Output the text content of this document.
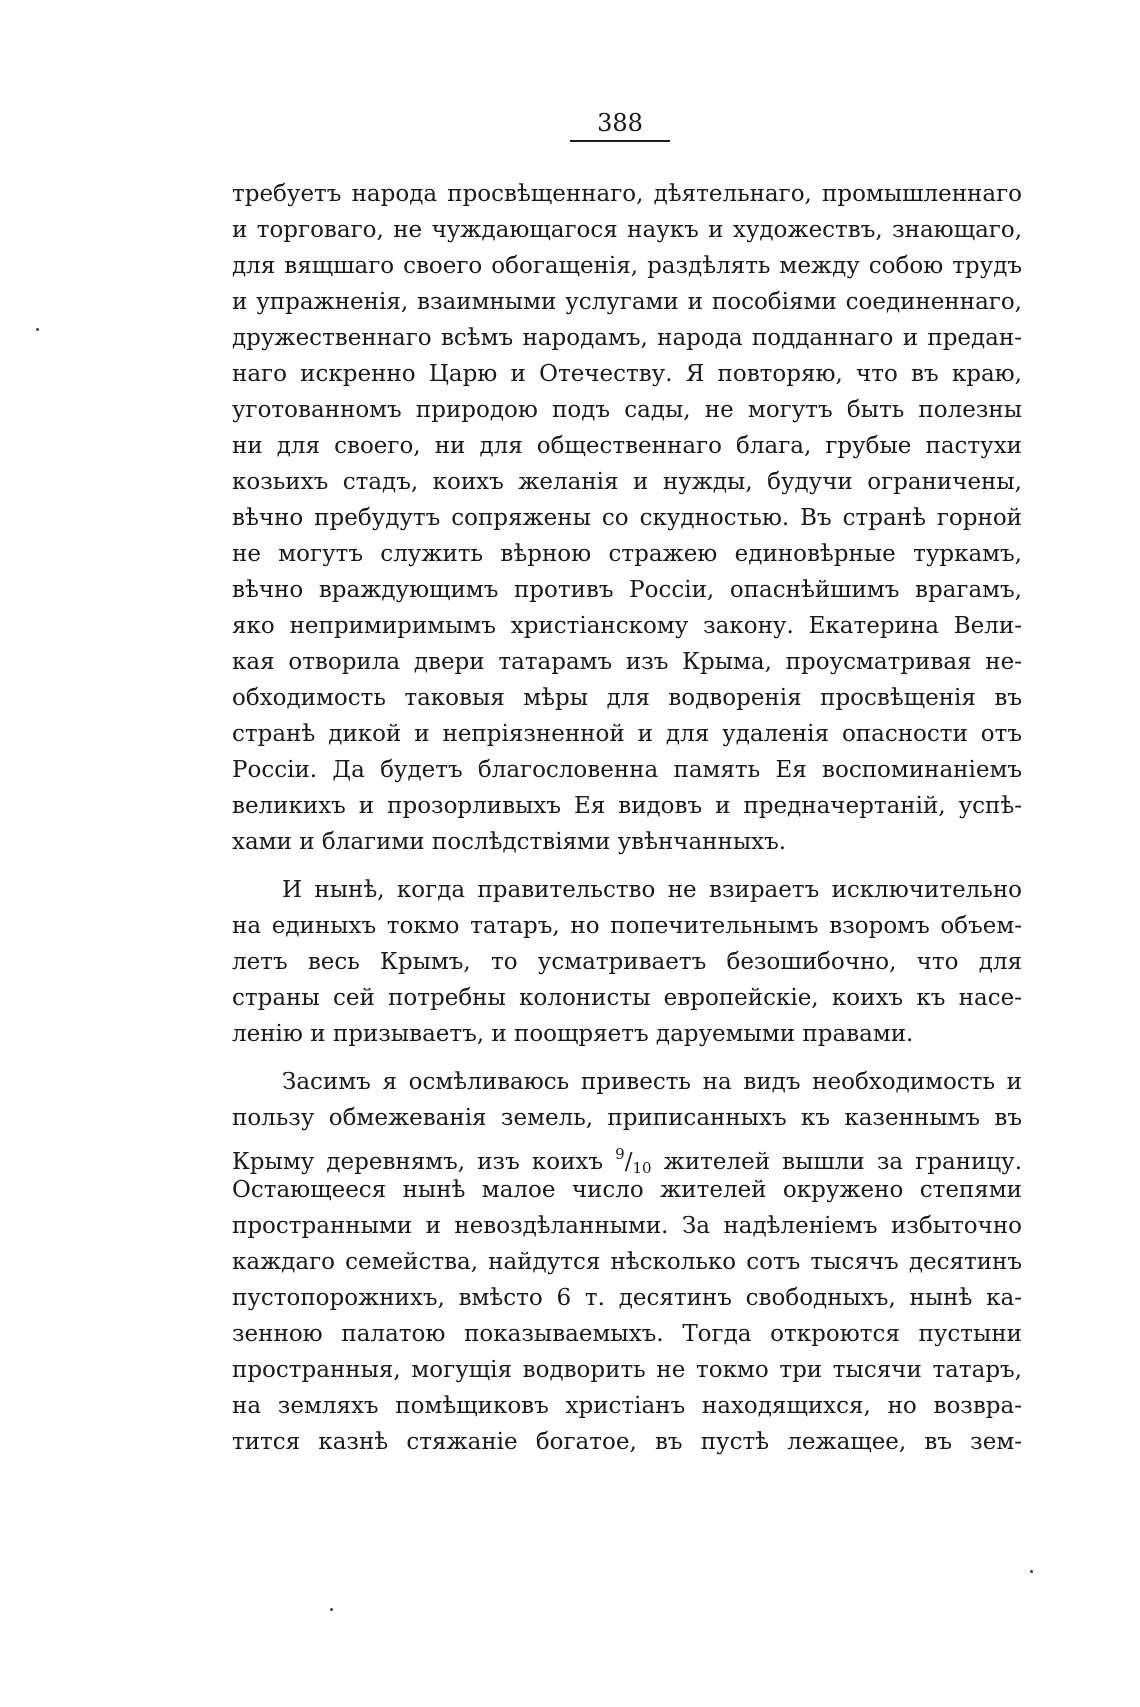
388
требуетъ народа просвѣщеннаго, дѣятельнаго, промышленнаго
и торговаго, не чуждающагося наукъ и художествъ, знающаго,
для вящшаго своего обогащенія, раздѣлять между собою трудъ
и упражненія, взаимными услугами и пособіями соединеннаго,
дружественнаго всѣмъ народамъ, народа подданнаго и предан-
наго искренно Царю и Отечеству. Я повторяю, что въ краю,
уготованномъ природою подъ сады, не могутъ быть полезны
ни для своего, ни для общественнаго блага, грубые пастухи
козьихъ стадъ, коихъ желанія и нужды, будучи ограничены,
вѣчно пребудутъ сопряжены со скудностью. Въ странѣ горной
не могутъ служить вѣрною стражею единовѣрные туркамъ,
вѣчно враждующимъ противъ Россіи, опаснѣйшимъ врагамъ,
яко непримиримымъ христіанскому закону. Екатерина Вели-
кая отворила двери татарамъ изъ Крыма, проусматривая не-
обходимость таковыя мѣры для водворенія просвѣщенія въ
странѣ дикой и непріязненной и для удаленія опасности отъ
Россіи. Да будетъ благословенна память Ея воспоминаніемъ
великихъ и прозорливыхъ Ея видовъ и предначертаній, успѣ-
хами и благими послѣдствіями увѣнчанныхъ.
И нынѣ, когда правительство не взираетъ исключительно
на единыхъ токмо татаръ, но попечительнымъ взоромъ объем-
летъ весь Крымъ, то усматриваетъ безошибочно, что для
страны сей потребны колонисты европейскіе, коихъ къ насе-
ленію и призываетъ, и поощряетъ даруемыми правами.
Засимъ я осмѣливаюсь привесть на видъ необходимость и
пользу обмежеванія земель, приписанныхъ къ казеннымъ въ
Крыму деревнямъ, изъ коихъ $^9/_{10}$ жителей вышли за границу.
Остающееся нынѣ малое число жителей окружено степями
пространными и невоздѣланными. За надѣленіемъ избыточно
каждаго семейства, найдутся нѣсколько сотъ тысячъ десятинъ
пустопорожнихъ, вмѣсто 6 т. десятинъ свободныхъ, нынѣ ка-
зенною палатою показываемыхъ. Тогда откроются пустыни
пространныя, могущія водворить не токмо три тысячи татаръ,
на земляхъ помѣщиковъ христіанъ находящихся, но возвра-
тится казнѣ стяжаніе богатое, въ пустѣ лежащее, въ зем-
